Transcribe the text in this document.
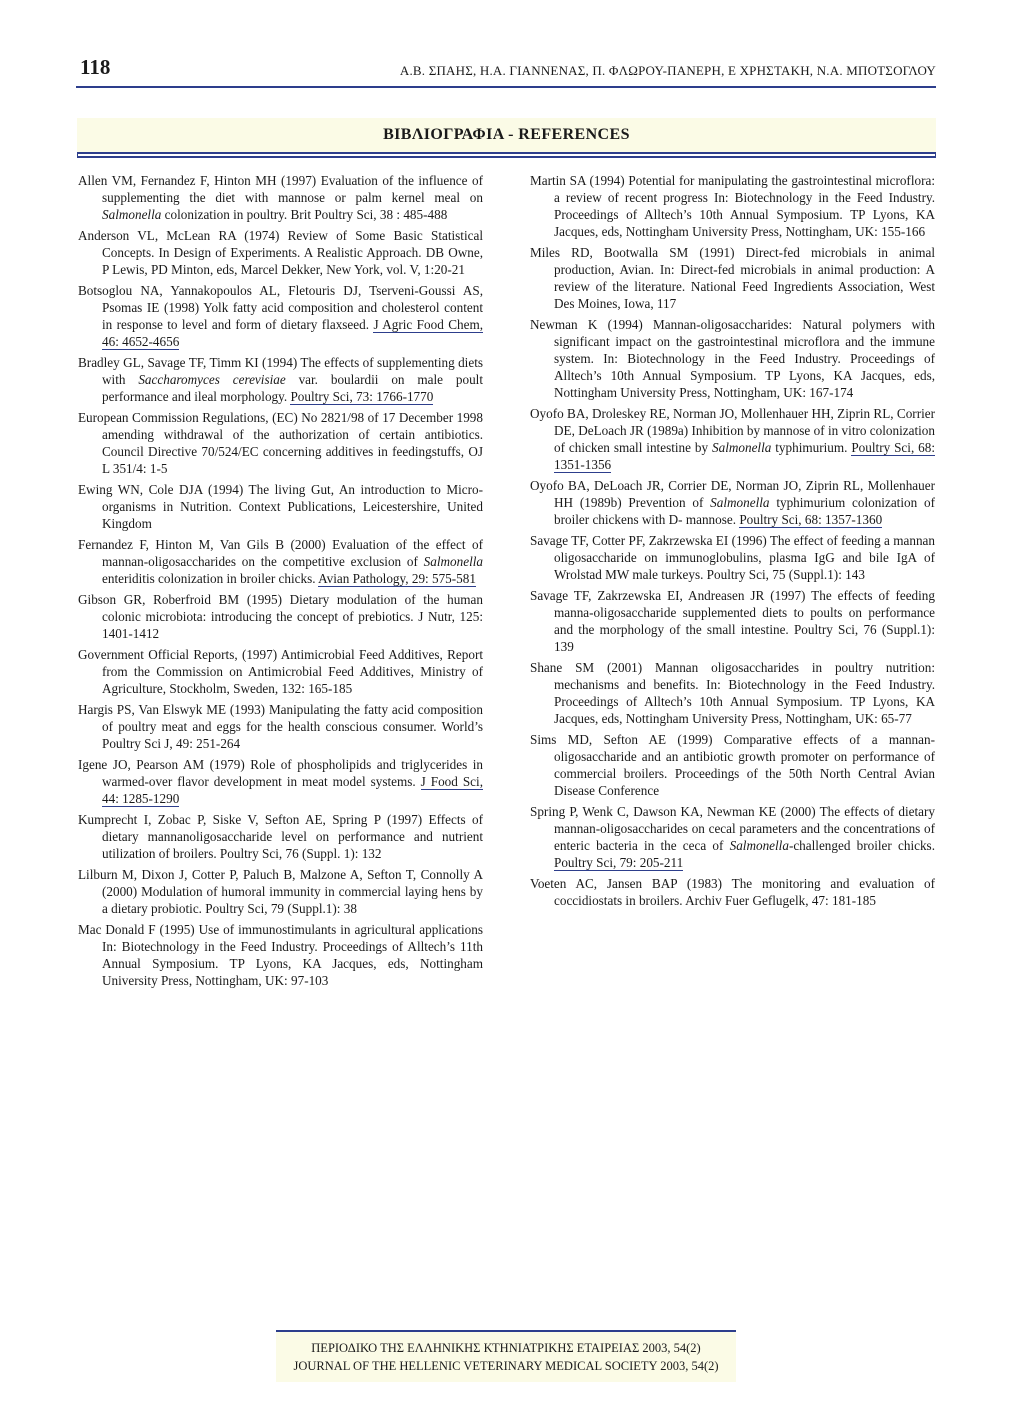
118	Α.Β. ΣΠΑΗΣ, Η.Α. ΓΙΑΝΝΕΝΑΣ, Π. ΦΛΩΡΟΥ-ΠΑΝΕΡΗ, Ε ΧΡΗΣΤΑΚΗ, Ν.Α. ΜΠΟΤΣΟΓΛΟΥ
ΒΙΒΛΙΟΓΡΑΦΙΑ - REFERENCES

Allen VM, Fernandez F, Hinton MH (1997) Evaluation of the influence of supplementing the diet with mannose or palm kernel meal on Salmonella colonization in poultry. Brit Poultry Sci, 38 : 485-488

Anderson VL, McLean RA (1974) Review of Some Basic Statistical Concepts. In Design of Experiments. A Realistic Approach. DB Owne, P Lewis, PD Minton, eds, Marcel Dekker, New York, vol. V, 1:20-21

Botsoglou NA, Yannakopoulos AL, Fletouris DJ, Tserveni-Goussi AS, Psomas IE (1998) Yolk fatty acid composition and cholesterol content in response to level and form of dietary flaxseed. J Agric Food Chem, 46: 4652-4656

Bradley GL, Savage TF, Timm KI (1994) The effects of supplementing diets with Saccharomyces cerevisiae var. boulardii on male poult performance and ileal morphology. Poultry Sci, 73: 1766-1770

European Commission Regulations, (EC) No 2821/98 of 17 December 1998 amending withdrawal of the authorization of certain antibiotics. Council Directive 70/524/EC concerning additives in feedingstuffs, OJ L 351/4: 1-5

Ewing WN, Cole DJA (1994) The living Gut, An introduction to Micro-organisms in Nutrition. Context Publications, Leicestershire, United Kingdom

Fernandez F, Hinton M, Van Gils B (2000) Evaluation of the effect of mannan-oligosaccharides on the competitive exclusion of Salmonella enteriditis colonization in broiler chicks. Avian Pathology, 29: 575-581

Gibson GR, Roberfroid BM (1995) Dietary modulation of the human colonic microbiota: introducing the concept of prebiotics. J Nutr, 125: 1401-1412

Government Official Reports, (1997) Antimicrobial Feed Additives, Report from the Commission on Antimicrobial Feed Additives, Ministry of Agriculture, Stockholm, Sweden, 132: 165-185

Hargis PS, Van Elswyk ME (1993) Manipulating the fatty acid composition of poultry meat and eggs for the health conscious consumer. World’s Poultry Sci J, 49: 251-264

Igene JO, Pearson AM (1979) Role of phospholipids and triglycerides in warmed-over flavor development in meat model systems. J Food Sci, 44: 1285-1290

Kumprecht I, Zobac P, Siske V, Sefton AE, Spring P (1997) Effects of dietary mannanoligosaccharide level on performance and nutrient utilization of broilers. Poultry Sci, 76 (Suppl. 1): 132

Lilburn M, Dixon J, Cotter P, Paluch B, Malzone A, Sefton T, Connolly A (2000) Modulation of humoral immunity in commercial laying hens by a dietary probiotic. Poultry Sci, 79 (Suppl.1): 38

Mac Donald F (1995) Use of immunostimulants in agricultural applications In: Biotechnology in the Feed Industry. Proceedings of Alltech’s 11th Annual Symposium. TP Lyons, KA Jacques, eds, Nottingham University Press, Nottingham, UK: 97-103

Martin SA (1994) Potential for manipulating the gastrointestinal microflora: a review of recent progress In: Biotechnology in the Feed Industry. Proceedings of Alltech’s 10th Annual Symposium. TP Lyons, KA Jacques, eds, Nottingham University Press, Nottingham, UK: 155-166

Miles RD, Bootwalla SM (1991) Direct-fed microbials in animal production, Avian. In: Direct-fed microbials in animal production: A review of the literature. National Feed Ingredients Association, West Des Moines, Iowa, 117

Newman K (1994) Mannan-oligosaccharides: Natural polymers with significant impact on the gastrointestinal microflora and the immune system. In: Biotechnology in the Feed Industry. Proceedings of Alltech’s 10th Annual Symposium. TP Lyons, KA Jacques, eds, Nottingham University Press, Nottingham, UK: 167-174

Oyofo BA, Droleskey RE, Norman JO, Mollenhauer HH, Ziprin RL, Corrier DE, DeLoach JR (1989a) Inhibition by mannose of in vitro colonization of chicken small intestine by Salmonella typhimurium. Poultry Sci, 68: 1351-1356

Oyofo BA, DeLoach JR, Corrier DE, Norman JO, Ziprin RL, Mollenhauer HH (1989b) Prevention of Salmonella typhimurium colonization of broiler chickens with D- mannose. Poultry Sci, 68: 1357-1360

Savage TF, Cotter PF, Zakrzewska EI (1996) The effect of feeding a mannan oligosaccharide on immunoglobulins, plasma IgG and bile IgA of Wrolstad MW male turkeys. Poultry Sci, 75 (Suppl.1): 143

Savage TF, Zakrzewska EI, Andreasen JR (1997) The effects of feeding manna-oligosaccharide supplemented diets to poults on performance and the morphology of the small intestine. Poultry Sci, 76 (Suppl.1): 139

Shane SM (2001) Mannan oligosaccharides in poultry nutrition: mechanisms and benefits. In: Biotechnology in the Feed Industry. Proceedings of Alltech’s 10th Annual Symposium. TP Lyons, KA Jacques, eds, Nottingham University Press, Nottingham, UK: 65-77

Sims MD, Sefton AE (1999) Comparative effects of a mannan-oligosaccharide and an antibiotic growth promoter on performance of commercial broilers. Proceedings of the 50th North Central Avian Disease Conference

Spring P, Wenk C, Dawson KA, Newman KE (2000) The effects of dietary mannan-oligosaccharides on cecal parameters and the concentrations of enteric bacteria in the ceca of Salmonella-challenged broiler chicks. Poultry Sci, 79: 205-211

Voeten AC, Jansen BAP (1983) The monitoring and evaluation of coccidiostats in broilers. Archiv Fuer Geflugelk, 47: 181-185

ΠΕΡΙΟΔΙΚΟ ΤΗΣ ΕΛΛΗΝΙΚΗΣ ΚΤΗΝΙΑΤΡΙΚΗΣ ΕΤΑΙΡΕΙΑΣ 2003, 54(2)
JOURNAL OF THE HELLENIC VETERINARY MEDICAL SOCIETY 2003, 54(2)
